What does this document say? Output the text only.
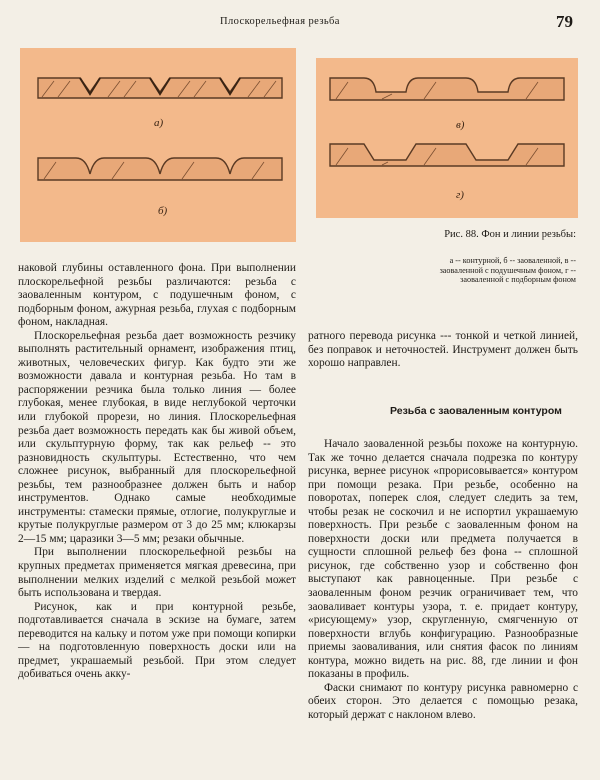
Плоскорельефная резьба	79
а)
б)
в)
г)
Рис. 88. Фон и линии резьбы:
а -- контурной, б -- заоваленной, в -- заоваленной с подушечным фоном, г -- заоваленной с подборным фоном

наковой глубины оставленного фона. При выполнении плоскорельефной резьбы различаются: резьба с заоваленным контуром, с подушечным фоном, с подборным фоном, ажурная резьба, глухая с подборным фоном, накладная.

Плоскорельефная резьба дает возможность резчику выполнять растительный орнамент, изображения птиц, животных, человеческих фигур. Как будто эти же возможности давала и контурная резьба. Но там в распоряжении резчика была только линия — более глубокая, менее глубокая, в виде неглубокой черточки или глубокой прорези, но линия. Плоскорельефная резьба дает возможность передать как бы живой объем, или скульптурную форму, так как рельеф -- это разновидность скульптуры. Естественно, что чем сложнее рисунок, выбранный для плоскорельефной резьбы, тем разнообразнее должен быть и набор инструментов. Однако самые необходимые инструменты: стамески прямые, отлогие, полукруглые и крутые полукруглые размером от 3 до 25 мм; клюкарзы 2—15 мм; царазики 3—5 мм; резаки обычные.

При выполнении плоскорельефной резьбы на крупных предметах применяется мягкая древесина, при выполнении мелких изделий с мелкой резьбой может быть использована и твердая.

Рисунок, как и при контурной резьбе, подготавливается сначала в эскизе на бумаге, затем переводится на кальку и потом уже при помощи копирки — на подготовленную поверхность доски или на предмет, украшаемый резьбой. При этом следует добиваться очень акку-

ратного перевода рисунка --- тонкой и четкой линией, без поправок и неточностей. Инструмент должен быть хорошо направлен.

Резьба с заоваленным контуром

Начало заоваленной резьбы похоже на контурную. Так же точно делается сначала подрезка по контуру рисунка, вернее рисунок «прорисовывается» контуром при помощи резака. При резьбе, особенно на поворотах, поперек слоя, следует следить за тем, чтобы резак не соскочил и не испортил украшаемую поверхность. При резьбе с заоваленным фоном на поверхности доски или предмета получается в сущности сплошной рельеф без фона -- сплошной рисунок, где собственно узор и собственно фон выступают как равноценные. При резьбе с заоваленным фоном резчик ограничивает тем, что заоваливает контуры узора, т. е. придает контуру, «рисующему» узор, скругленную, смягченную от поверхности вглубь конфигурацию. Разнообразные приемы заоваливания, или снятия фасок по линиям контура, можно видеть на рис. 88, где линии и фон показаны в профиль.

Фаски снимают по контуру рисунка равномерно с обеих сторон. Это делается с помощью резака, который держат с наклоном влево.
